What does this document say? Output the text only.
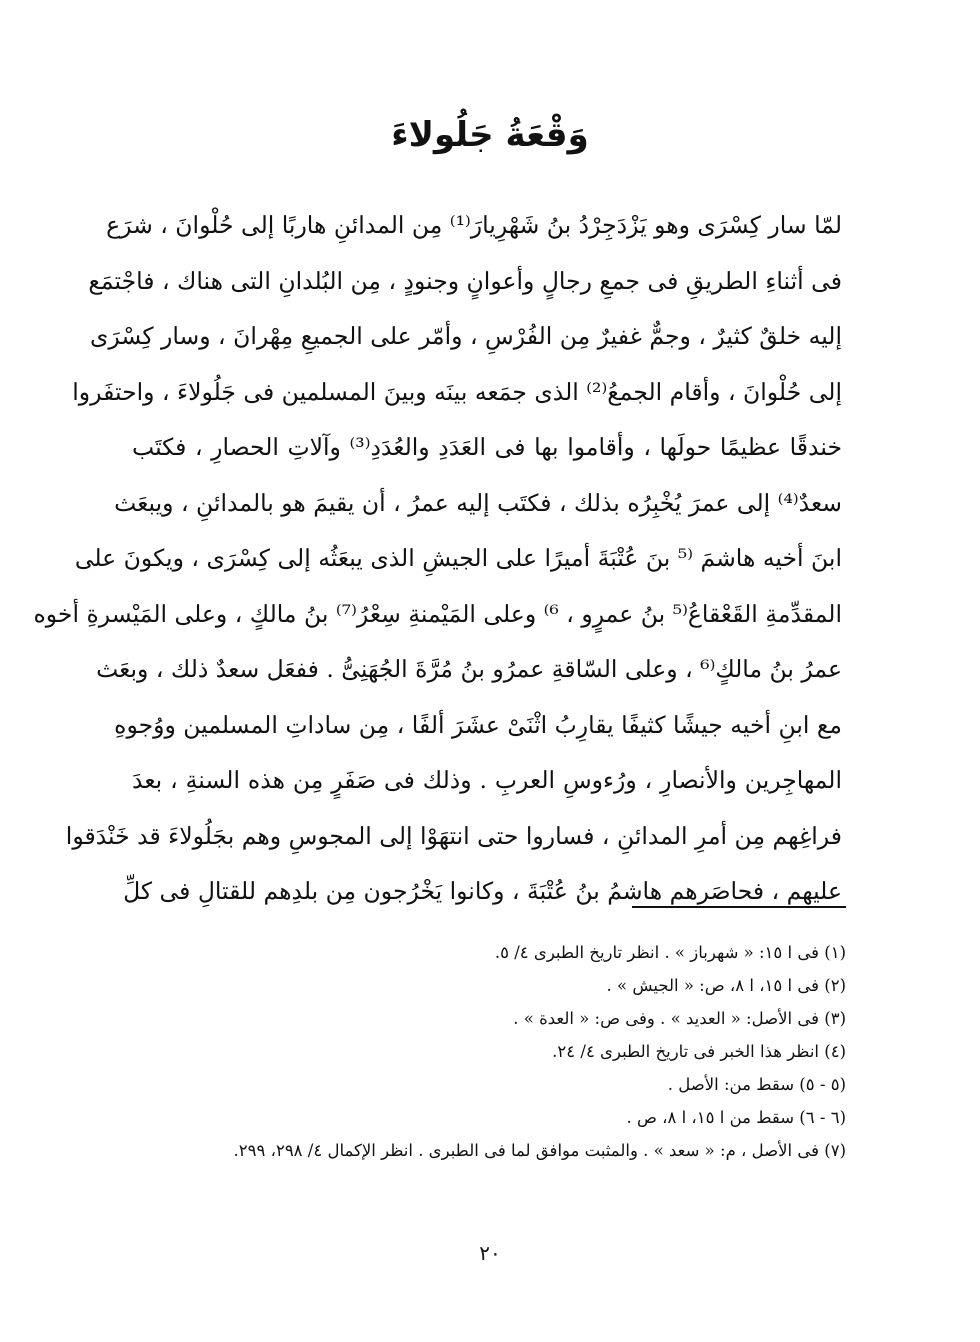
وَقْعَةُ جَلُولاءَ
لمّا سار كِسْرَى وهو يَزْدَجِرْدُ بنُ شَهْرِيارَ⁽¹⁾ مِن المدائنِ هاربًا إلى حُلْوانَ ، شرَع
فى أثناءِ الطريقِ فى جمعِ رجالٍ وأعوانٍ وجنودٍ ، مِن البُلدانِ التى هناك ، فاجْتمَع
إليه خلقٌ كثيرٌ ، وجمٌّ غفيرٌ مِن الفُرْسِ ، وأمّر على الجميعِ مِهْرانَ ، وسار كِسْرَى
إلى حُلْوانَ ، وأقام الجمعُ⁽²⁾ الذى جمَعه بينَه وبينَ المسلمين فى جَلُولاءَ ، واحتفَروا
خندقًا عظيمًا حولَها ، وأقاموا بها فى العَدَدِ والعُدَدِ⁽³⁾ وآلاتِ الحصارِ ، فكتَب
سعدٌ⁽⁴⁾ إلى عمرَ يُخْبِرُه بذلك ، فكتَب إليه عمرُ ، أن يقيمَ هو بالمدائنِ ، ويبعَث
ابنَ أخيه هاشمَ ⁽⁵ بنَ عُتْبَةَ أميرًا على الجيشِ الذى يبعَثُه إلى كِسْرَى ، ويكونَ على
المقدِّمةِ القَعْقاعُ⁽⁵ بنُ عمرٍو ، ⁶⁾ وعلى المَيْمنةِ سِعْرُ⁽⁷⁾ بنُ مالكٍ ، وعلى المَيْسرةِ أخوه
عمرُ بنُ مالكٍ⁽⁶ ، وعلى السّاقةِ عمرُو بنُ مُرَّةَ الجُهَنِىُّ . ففعَل سعدٌ ذلك ، وبعَث
مع ابنِ أخيه جيشًا كثيفًا يقارِبُ اثْنَىْ عشَرَ ألفًا ، مِن ساداتِ المسلمين ووُجوهِ
المهاجِرين والأنصارِ ، ورُءوسِ العربِ . وذلك فى صَفَرٍ مِن هذه السنةِ ، بعدَ
فراغِهم مِن أمرِ المدائنِ ، فساروا حتى انتهَوْا إلى المجوسِ وهم بجَلُولاءَ قد خَنْدَقوا
عليهم ، فحاصَرهم هاشمُ بنُ عُتْبَةَ ، وكانوا يَخْرُجون مِن بلدِهم للقتالِ فى كلِّ
(١) فى ا ١٥: « شهرباز » . انظر تاريخ الطبرى ٤/ ٥.
(٢) فى ا ١٥، ا ٨، ص: « الجيش » .
(٣) فى الأصل: « العديد » . وفى ص: « العدة » .
(٤) انظر هذا الخبر فى تاريخ الطبرى ٤/ ٢٤.
(٥ - ٥) سقط من: الأصل .
(٦ - ٦) سقط من ا ١٥، ا ٨، ص .
(٧) فى الأصل ، م: « سعد » . والمثبت موافق لما فى الطبرى . انظر الإكمال ٤/ ٢٩٨، ٢٩٩.
٢٠
